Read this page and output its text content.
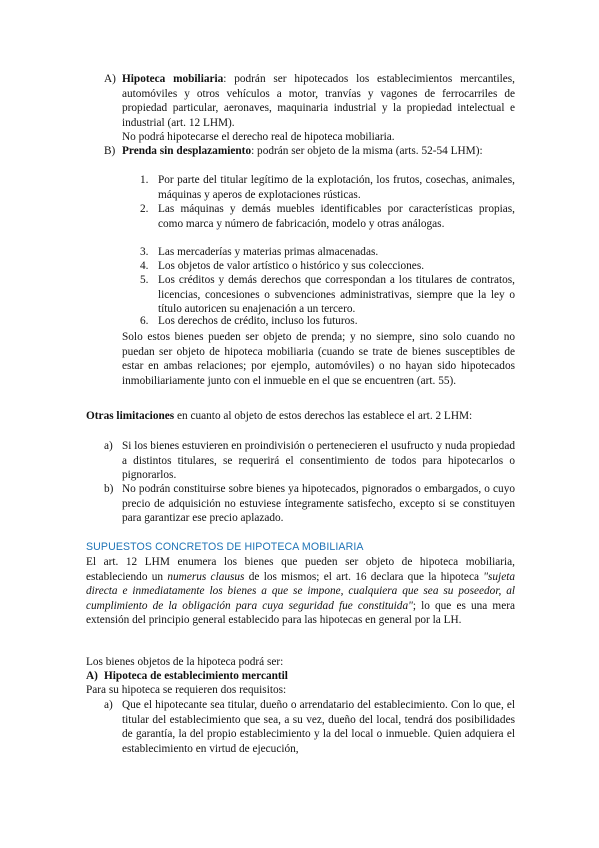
A) Hipoteca mobiliaria: podrán ser hipotecados los establecimientos mercantiles, automóviles y otros vehículos a motor, tranvías y vagones de ferrocarriles de propiedad particular, aeronaves, maquinaria industrial y la propiedad intelectual e industrial (art. 12 LHM).

No podrá hipotecarse el derecho real de hipoteca mobiliaria.

B) Prenda sin desplazamiento: podrán ser objeto de la misma (arts. 52-54 LHM):

1. Por parte del titular legítimo de la explotación, los frutos, cosechas, animales, máquinas y aperos de explotaciones rústicas.
2. Las máquinas y demás muebles identificables por características propias, como marca y número de fabricación, modelo y otras análogas.
3. Las mercaderías y materias primas almacenadas.
4. Los objetos de valor artístico o histórico y sus colecciones.
5. Los créditos y demás derechos que correspondan a los titulares de contratos, licencias, concesiones o subvenciones administrativas, siempre que la ley o título autoricen su enajenación a un tercero.
6. Los derechos de crédito, incluso los futuros.
Solo estos bienes pueden ser objeto de prenda; y no siempre, sino solo cuando no puedan ser objeto de hipoteca mobiliaria (cuando se trate de bienes susceptibles de estar en ambas relaciones; por ejemplo, automóviles) o no hayan sido hipotecados inmobiliariamente junto con el inmueble en el que se encuentren (art. 55).

Otras limitaciones en cuanto al objeto de estos derechos las establece el art. 2 LHM:

a) Si los bienes estuvieren en proindivisión o pertenecieren el usufructo y nuda propiedad a distintos titulares, se requerirá el consentimiento de todos para hipotecarlos o pignorarlos.
b) No podrán constituirse sobre bienes ya hipotecados, pignorados o embargados, o cuyo precio de adquisición no estuviese íntegramente satisfecho, excepto si se constituyen para garantizar ese precio aplazado.
SUPUESTOS CONCRETOS DE HIPOTECA MOBILIARIA

El art. 12 LHM enumera los bienes que pueden ser objeto de hipoteca mobiliaria, estableciendo un numerus clausus de los mismos; el art. 16 declara que la hipoteca "sujeta directa e inmediatamente los bienes a que se impone, cualquiera que sea su poseedor, al cumplimiento de la obligación para cuya seguridad fue constituida"; lo que es una mera extensión del principio general establecido para las hipotecas en general por la LH.

Los bienes objetos de la hipoteca podrá ser:
A) Hipoteca de establecimiento mercantil
Para su hipoteca se requieren dos requisitos:
a) Que el hipotecante sea titular, dueño o arrendatario del establecimiento. Con lo que, el titular del establecimiento que sea, a su vez, dueño del local, tendrá dos posibilidades de garantía, la del propio establecimiento y la del local o inmueble. Quien adquiera el establecimiento en virtud de ejecución,
